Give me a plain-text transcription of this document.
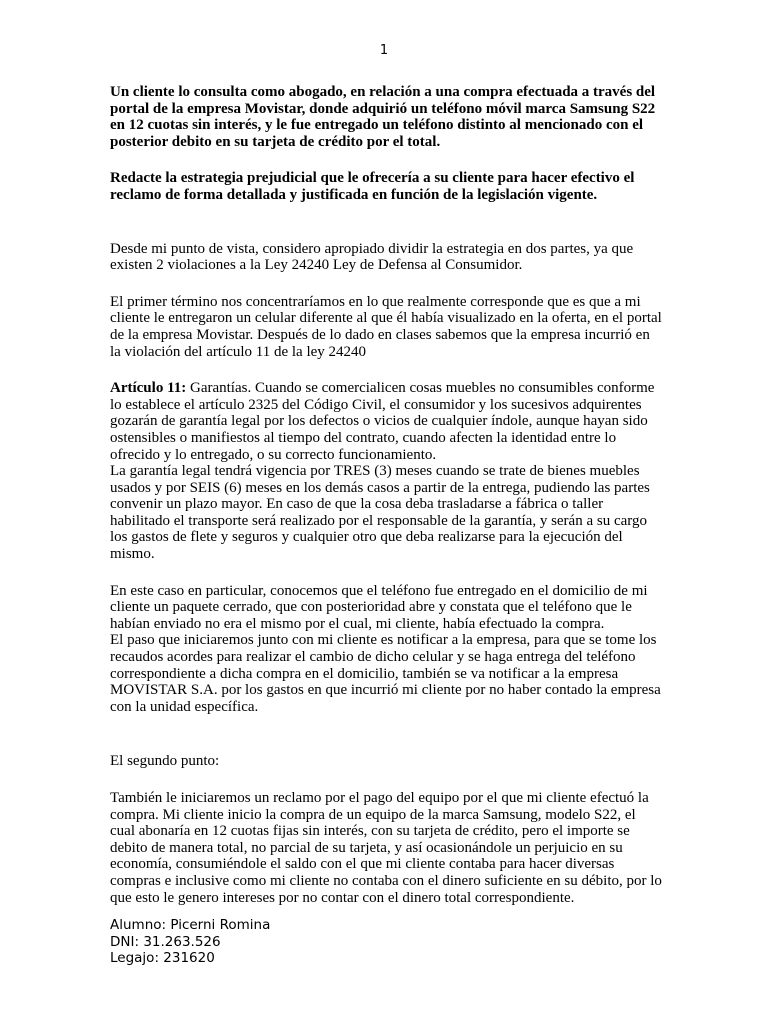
1

Un cliente lo consulta como abogado, en relación a una compra efectuada a través del portal de la empresa Movistar, donde adquirió un teléfono móvil marca Samsung S22 en 12 cuotas sin interés, y le fue entregado un teléfono distinto al mencionado con el posterior debito en su tarjeta de crédito por el total.

Redacte la estrategia prejudicial que le ofrecería a su cliente para hacer efectivo el reclamo de forma detallada y justificada en función de la legislación vigente.

Desde mi punto de vista, considero apropiado dividir la estrategia en dos partes, ya que existen 2 violaciones a la Ley 24240 Ley de Defensa al Consumidor.

El primer término nos concentraríamos en lo que realmente corresponde que es que a mi cliente le entregaron un celular diferente al que él había visualizado en la oferta, en el portal de la empresa Movistar. Después de lo dado en clases sabemos que la empresa incurrió en la violación del artículo 11 de la ley 24240

Artículo 11: Garantías. Cuando se comercialicen cosas muebles no consumibles conforme lo establece el artículo 2325 del Código Civil, el consumidor y los sucesivos adquirentes gozarán de garantía legal por los defectos o vicios de cualquier índole, aunque hayan sido ostensibles o manifiestos al tiempo del contrato, cuando afecten la identidad entre lo ofrecido y lo entregado, o su correcto funcionamiento.

La garantía legal tendrá vigencia por TRES (3) meses cuando se trate de bienes muebles usados y por SEIS (6) meses en los demás casos a partir de la entrega, pudiendo las partes convenir un plazo mayor. En caso de que la cosa deba trasladarse a fábrica o taller habilitado el transporte será realizado por el responsable de la garantía, y serán a su cargo los gastos de flete y seguros y cualquier otro que deba realizarse para la ejecución del mismo.

En este caso en particular, conocemos que el teléfono fue entregado en el domicilio de mi cliente un paquete cerrado, que con posterioridad abre y constata que el teléfono que le habían enviado no era el mismo por el cual, mi cliente, había efectuado la compra.

El paso que iniciaremos junto con mi cliente es notificar a la empresa, para que se tome los recaudos acordes para realizar el cambio de dicho celular y se haga entrega del teléfono correspondiente a dicha compra en el domicilio, también se va notificar a la empresa MOVISTAR S.A. por los gastos en que incurrió mi cliente por no haber contado la empresa con la unidad específica.

El segundo punto:

También le iniciaremos un reclamo por el pago del equipo por el que mi cliente efectuó la compra. Mi cliente inicio la compra de un equipo de la marca Samsung, modelo S22, el cual abonaría en 12 cuotas fijas sin interés, con su tarjeta de crédito, pero el importe se debito de manera total, no parcial de su tarjeta, y así ocasionándole un perjuicio en su economía, consumiéndole el saldo con el que mi cliente contaba para hacer diversas compras e inclusive como mi cliente no contaba con el dinero suficiente en su débito, por lo que esto le genero intereses por no contar con el dinero total correspondiente.

Alumno: Picerni Romina
DNI: 31.263.526
Legajo: 231620
